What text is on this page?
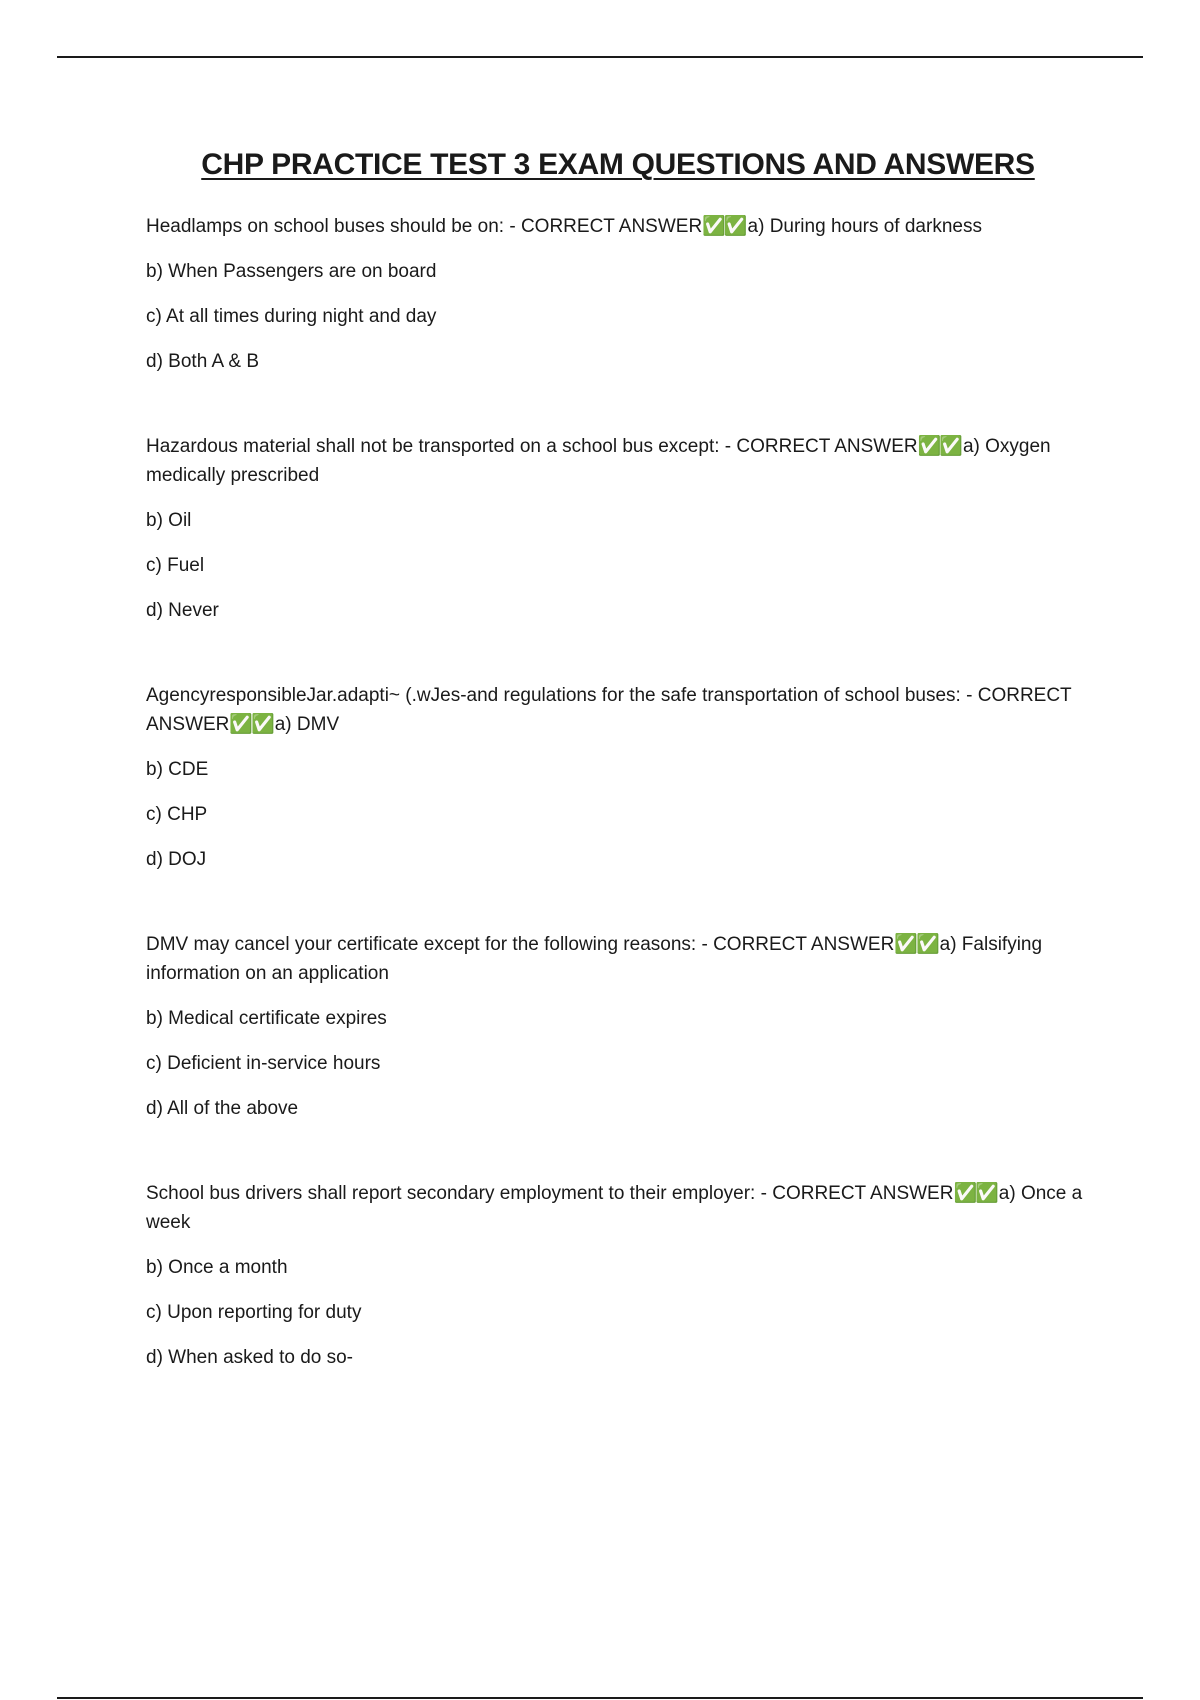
CHP PRACTICE TEST 3 EXAM QUESTIONS AND ANSWERS

Headlamps on school buses should be on: - CORRECT ANSWER✅✅ a) During hours of darkness

b) When Passengers are on board

c) At all times during night and day

d) Both A & B

Hazardous material shall not be transported on a school bus except: - CORRECT ANSWER✅✅ a) Oxygen medically prescribed

b) Oil

c) Fuel

d) Never

AgencyresponsibleJar.adapti~ (.wJes-and regulations for the safe transportation of school buses: - CORRECT ANSWER✅✅ a) DMV

b) CDE

c) CHP

d) DOJ

DMV may cancel your certificate except for the following reasons: - CORRECT ANSWER✅✅ a) Falsifying information on an application

b) Medical certificate expires

c) Deficient in-service hours

d) All of the above

School bus drivers shall report secondary employment to their employer: - CORRECT ANSWER✅✅ a) Once a week

b) Once a month

c) Upon reporting for duty

d) When asked to do so-
